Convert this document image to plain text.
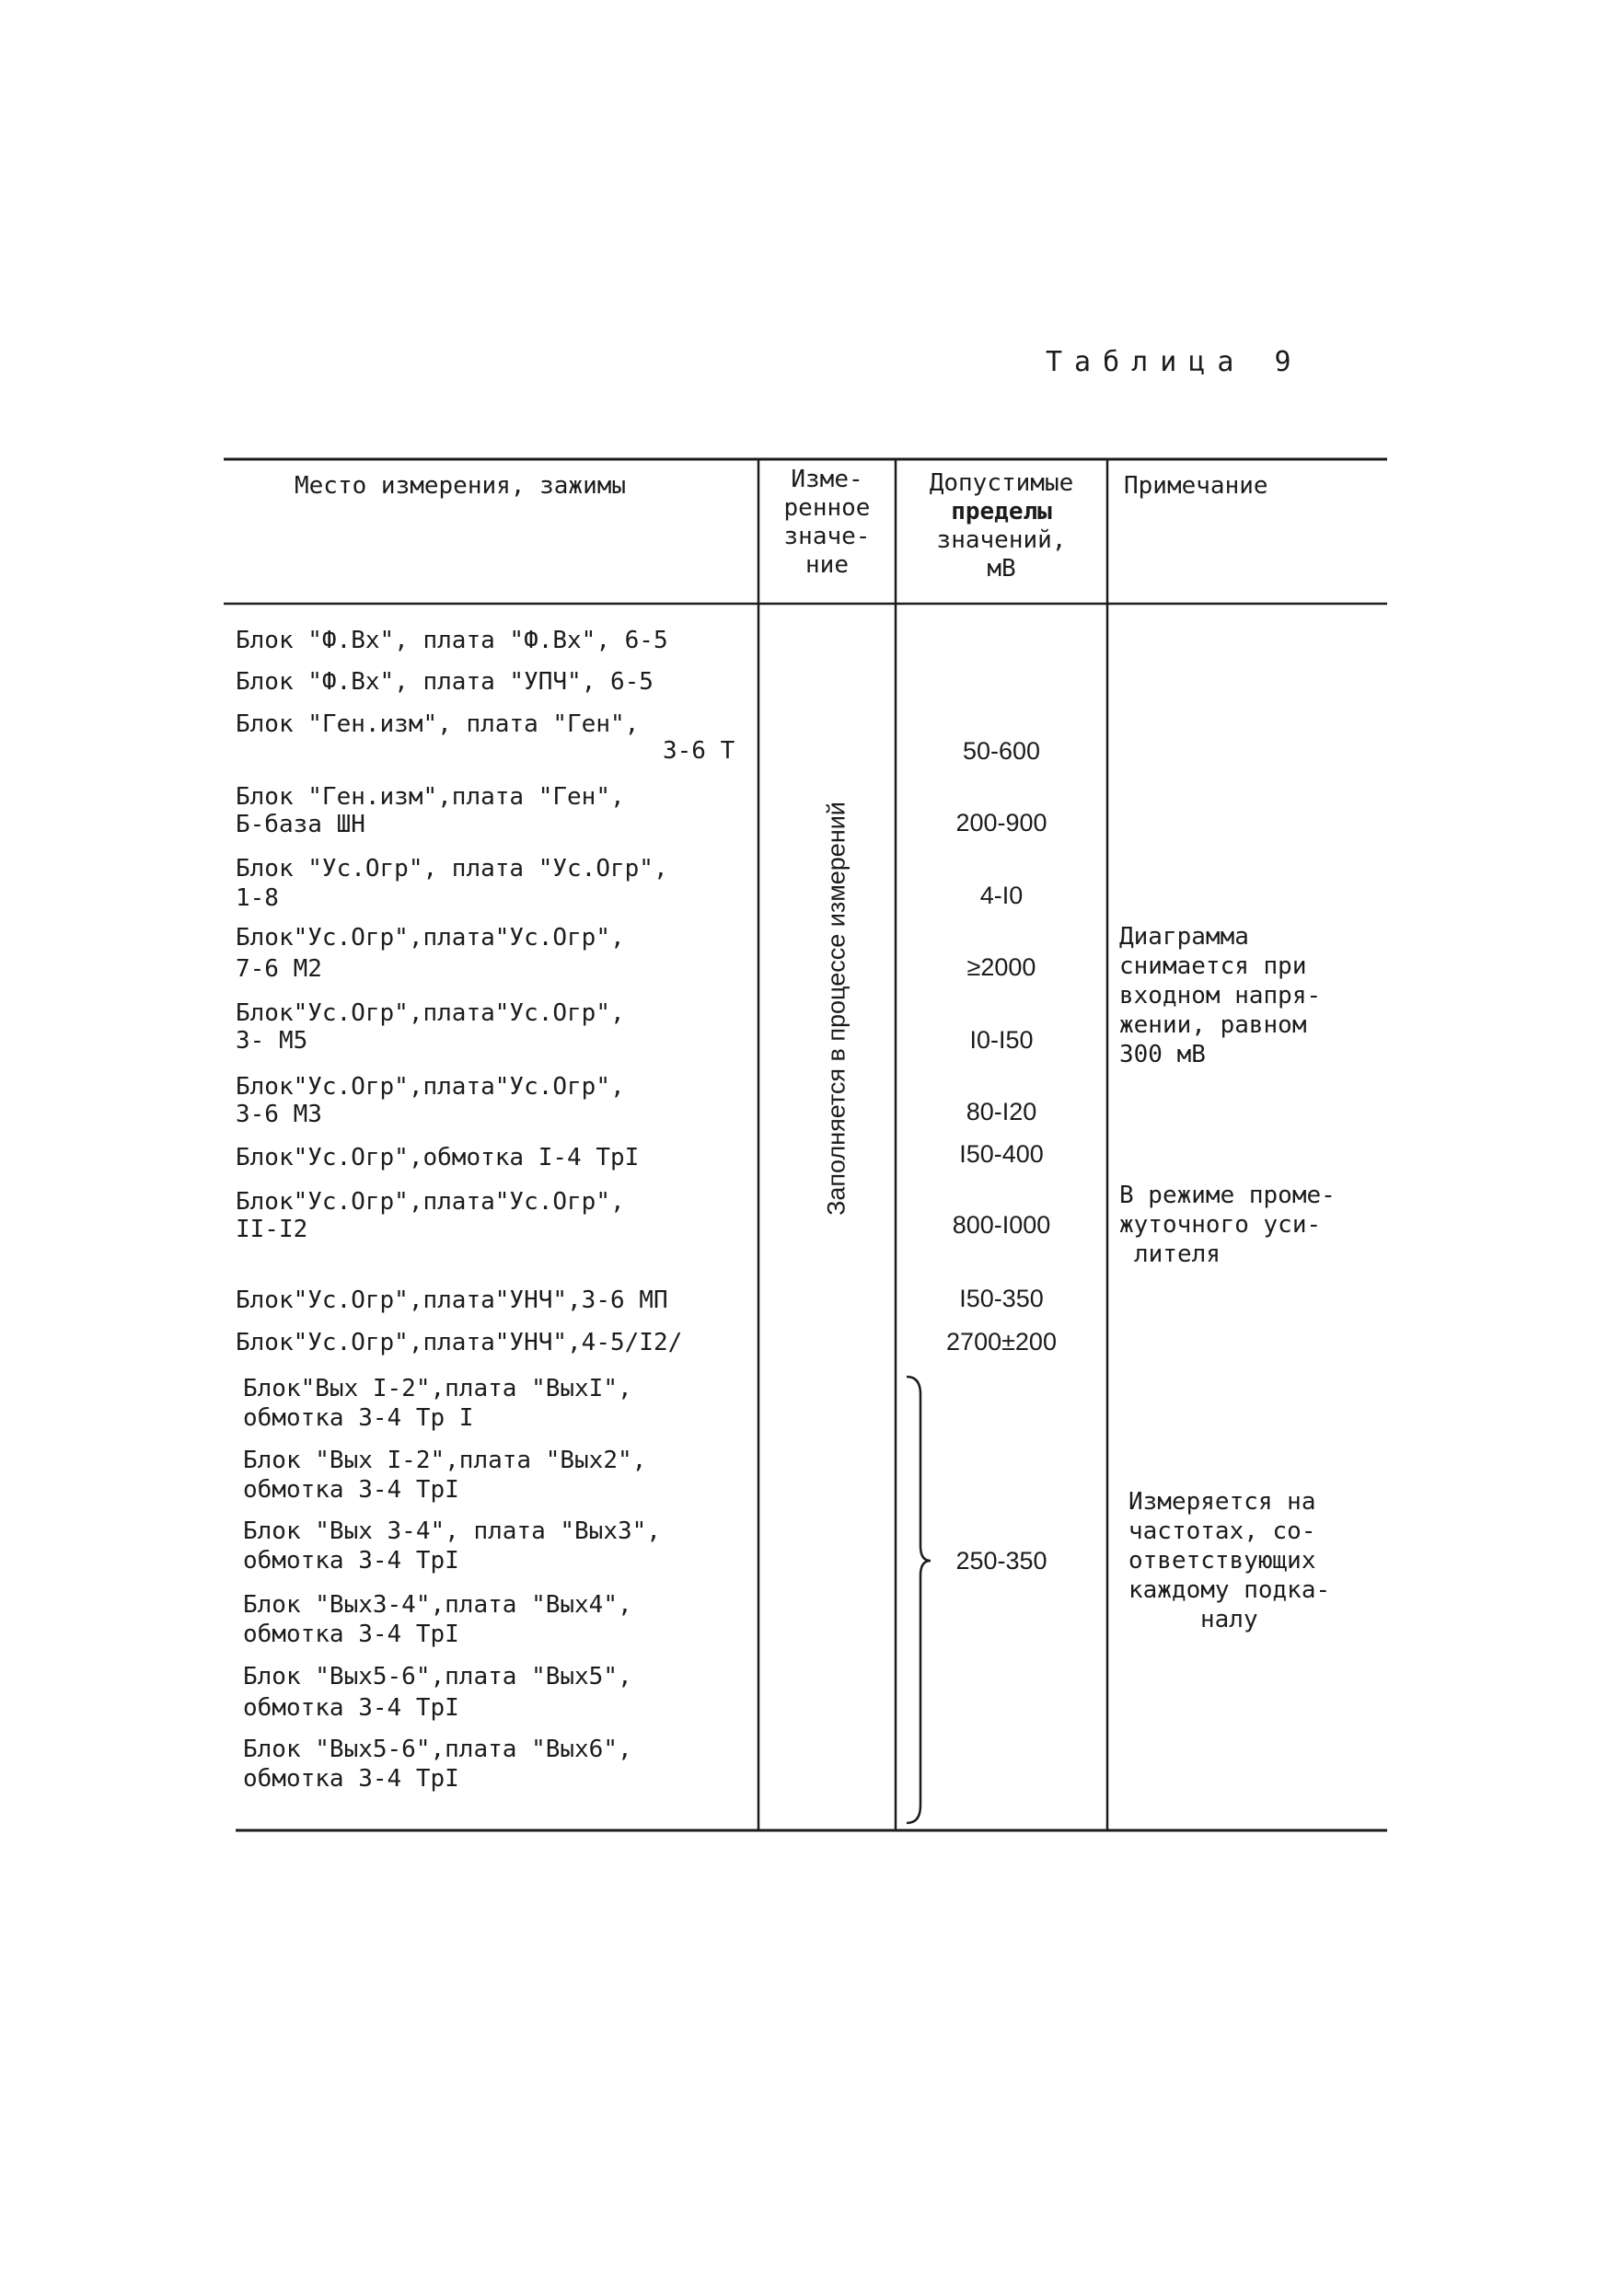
Таблица 9
Место измерения, зажимы	Изме-
ренное
значе-
ние
Допустимые
пределы
значений,
мВ
Примечание
Блок "Ф.Вх", плата "Ф.Вх", 6-5
Блок "Ф.Вх", плата "УПЧ", 6-5
Блок "Ген.изм", плата "Ген",
3-6 Т
Блок "Ген.изм",плата "Ген",
Б-база ШН
Блок "Ус.Огр", плата "Ус.Огр",
1-8
Блок"Ус.Огр",плата"Ус.Огр",
7-6 М2
Блок"Ус.Огр",плата"Ус.Огр",
3- М5
Блок"Ус.Огр",плата"Ус.Огр",
3-6 М3
Блок"Ус.Огр",обмотка I-4 ТрI
Блок"Ус.Огр",плата"Ус.Огр",
II-I2
Блок"Ус.Огр",плата"УНЧ",3-6 МП
Блок"Ус.Огр",плата"УНЧ",4-5/I2/
Блок"Вых I-2",плата "ВыхI",
обмотка 3-4 Тр I
Блок "Вых I-2",плата "Вых2",
обмотка 3-4 ТрI
Блок "Вых 3-4", плата "Вых3",
обмотка 3-4 ТрI
Блок "Вых3-4",плата "Вых4",
обмотка 3-4 ТрI
Блок "Вых5-6",плата "Вых5",
обмотка 3-4 ТрI
Блок "Вых5-6",плата "Вых6",
обмотка 3-4 ТрI
Заполняется в процессе измерений
50-600
200-900
4-I0
≥2000
I0-I50
80-I20
I50-400
800-I000
I50-350
2700±200
250-350
Диаграмма
снимается при
входном напря-
жении, равном
300 мВ
В режиме проме-
жуточного уси-
лителя
Измеряется на
частотах, со-
ответствующих
каждому подка-
налу
